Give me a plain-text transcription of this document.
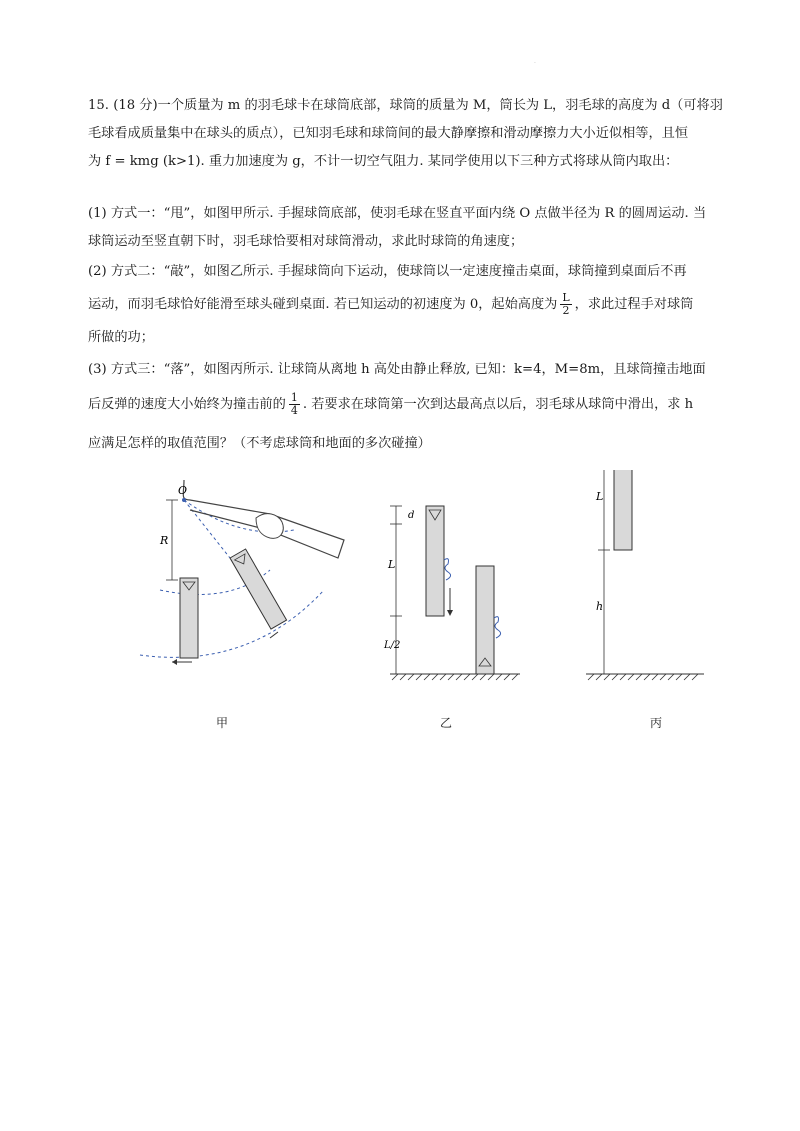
.
15. (18 分)一个质量为 m 的羽毛球卡在球筒底部，球筒的质量为 M，筒长为 L，羽毛球的高度为 d（可将羽
毛球看成质量集中在球头的质点），已知羽毛球和球筒间的最大静摩擦和滑动摩擦力大小近似相等，且恒
为 f = kmg (k>1). 重力加速度为 g，不计一切空气阻力. 某同学使用以下三种方式将球从筒内取出：
(1) 方式一：“甩”，如图甲所示. 手握球筒底部，使羽毛球在竖直平面内绕 O 点做半径为 R 的圆周运动. 当
球筒运动至竖直朝下时，羽毛球恰要相对球筒滑动，求此时球筒的角速度；
(2) 方式二：“敲”，如图乙所示. 手握球筒向下运动，使球筒以一定速度撞击桌面，球筒撞到桌面后不再
运动，而羽毛球恰好能滑至球头碰到桌面. 若已知运动的初速度为 0，起始高度为 $\frac{L}{2}$ ，求此过程手对球筒
所做的功；
(3) 方式三：“落”，如图丙所示. 让球筒从离地 h 高处由静止释放, 已知：k=4，M=8m，且球筒撞击地面
后反弹的速度大小始终为撞击前的 $\frac{1}{4}$ . 若要求在球筒第一次到达最高点以后，羽毛球从球筒中滑出，求 h
应满足怎样的取值范围？（不考虑球筒和地面的多次碰撞）
O
R
d
L
L/2
L
h
甲	乙	丙
